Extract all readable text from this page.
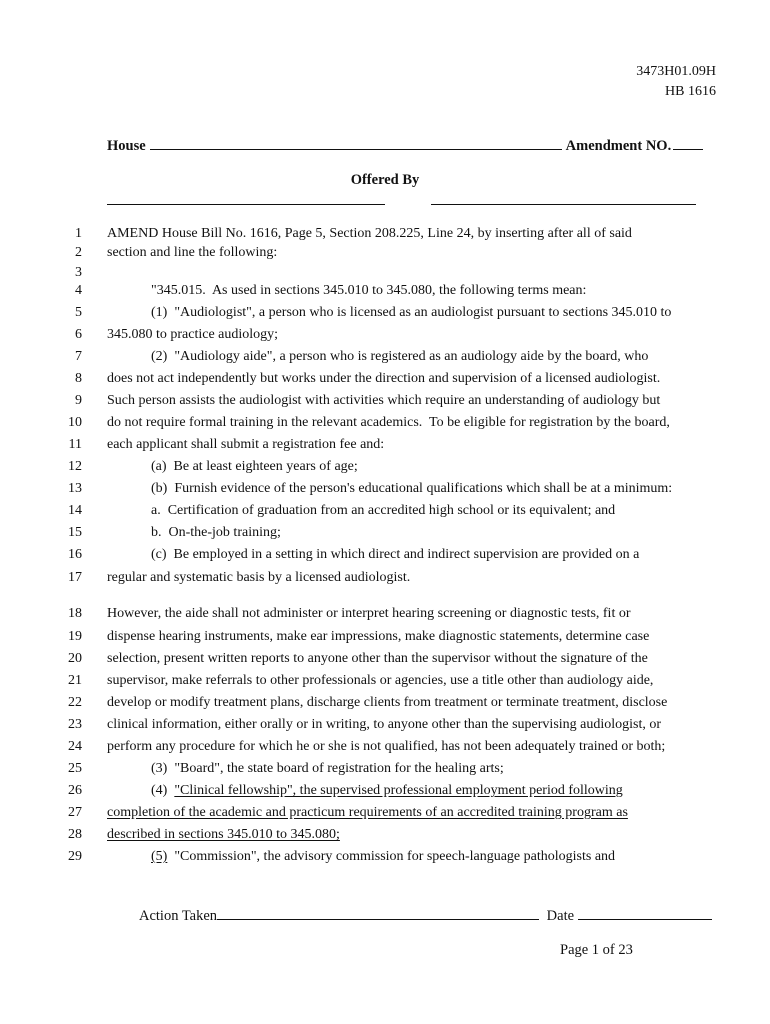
3473H01.09H
HB 1616
House	Amendment NO.
Offered By
1 AMEND House Bill No. 1616, Page 5, Section 208.225, Line 24, by inserting after all of said
2 section and line the following:
3
4	"345.015.  As used in sections 345.010 to 345.080, the following terms mean:
5	(1)  "Audiologist", a person who is licensed as an audiologist pursuant to sections 345.010 to
6 345.080 to practice audiology;
7	(2)  "Audiology aide", a person who is registered as an audiology aide by the board, who
8 does not act independently but works under the direction and supervision of a licensed audiologist.
9 Such person assists the audiologist with activities which require an understanding of audiology but
10 do not require formal training in the relevant academics.  To be eligible for registration by the board,
11 each applicant shall submit a registration fee and:
12	(a)  Be at least eighteen years of age;
13	(b)  Furnish evidence of the person's educational qualifications which shall be at a minimum:
14	a.  Certification of graduation from an accredited high school or its equivalent; and
15	b.  On-the-job training;
16	(c)  Be employed in a setting in which direct and indirect supervision are provided on a
17 regular and systematic basis by a licensed audiologist.
18 However, the aide shall not administer or interpret hearing screening or diagnostic tests, fit or
19 dispense hearing instruments, make ear impressions, make diagnostic statements, determine case
20 selection, present written reports to anyone other than the supervisor without the signature of the
21 supervisor, make referrals to other professionals or agencies, use a title other than audiology aide,
22 develop or modify treatment plans, discharge clients from treatment or terminate treatment, disclose
23 clinical information, either orally or in writing, to anyone other than the supervising audiologist, or
24 perform any procedure for which he or she is not qualified, has not been adequately trained or both;
25	(3)  "Board", the state board of registration for the healing arts;
26	(4)  "Clinical fellowship", the supervised professional employment period following
27 completion of the academic and practicum requirements of an accredited training program as
28 described in sections 345.010 to 345.080;
29	(5)  "Commission", the advisory commission for speech-language pathologists and
Action Taken	Date
Page 1 of 23
